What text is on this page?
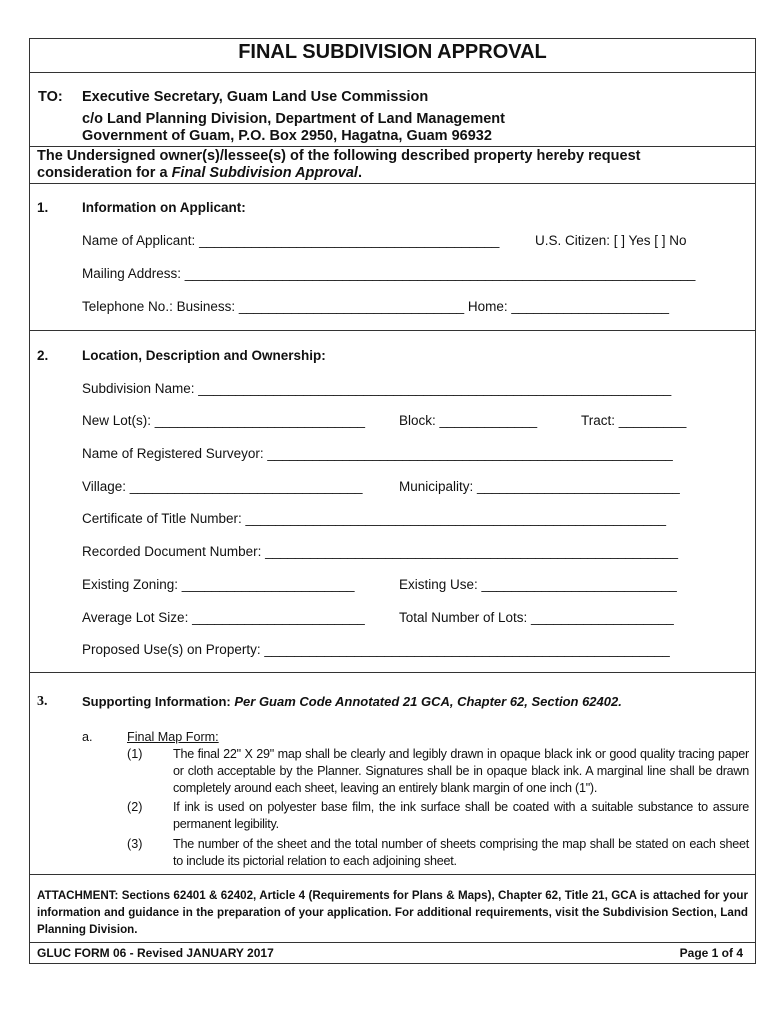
FINAL SUBDIVISION APPROVAL
TO: Executive Secretary, Guam Land Use Commission
c/o Land Planning Division, Department of Land Management
Government of Guam, P.O. Box 2950, Hagatna, Guam 96932
The Undersigned owner(s)/lessee(s) of the following described property hereby request
consideration for a Final Subdivision Approval.
1. Information on Applicant:
Name of Applicant: ________________________________________	U.S. Citizen: [ ] Yes [ ] No
Mailing Address: ____________________________________________________________________
Telephone No.: Business: ______________________________ Home: _____________________
2. Location, Description and Ownership:
Subdivision Name: _______________________________________________________________
New Lot(s): ____________________________	Block: _____________	Tract: _________
Name of Registered Surveyor: ______________________________________________________
Village: _______________________________	Municipality: ___________________________
Certificate of Title Number: ________________________________________________________
Recorded Document Number: _______________________________________________________
Existing Zoning: _______________________	Existing Use: __________________________
Average Lot Size: _______________________	Total Number of Lots: ___________________
Proposed Use(s) on Property: ______________________________________________________
3.	Supporting Information: Per Guam Code Annotated 21 GCA, Chapter 62, Section 62402.
a.	Final Map Form:
(1) The final 22" X 29" map shall be clearly and legibly drawn in opaque black ink or good quality tracing paper or cloth acceptable by the Planner. Signatures shall be in opaque black ink. A marginal line shall be drawn completely around each sheet, leaving an entirely blank margin of one inch (1").
(2) If ink is used on polyester base film, the ink surface shall be coated with a suitable substance to assure permanent legibility.
(3) The number of the sheet and the total number of sheets comprising the map shall be stated on each sheet to include its pictorial relation to each adjoining sheet.
ATTACHMENT: Sections 62401 & 62402, Article 4 (Requirements for Plans & Maps), Chapter 62, Title 21, GCA is attached for your information and guidance in the preparation of your application. For additional requirements, visit the Subdivision Section, Land Planning Division.
GLUC FORM 06 - Revised JANUARY 2017	Page 1 of 4
